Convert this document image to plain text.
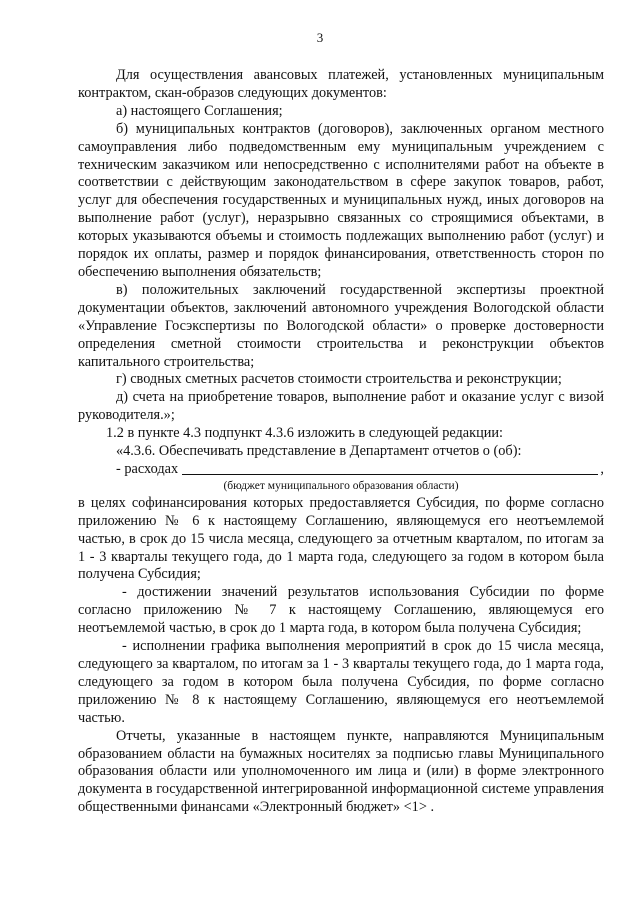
3

Для осуществления авансовых платежей, установленных муниципальным контрактом, скан-образов следующих документов:

а) настоящего Соглашения;

б) муниципальных контрактов (договоров), заключенных органом местного самоуправления либо подведомственным ему муниципальным учреждением с техническим заказчиком или непосредственно с исполнителями работ на объекте в соответствии с действующим законодательством в сфере закупок товаров, работ, услуг для обеспечения государственных и муниципальных нужд, иных договоров на выполнение работ (услуг), неразрывно связанных со строящимися объектами, в которых указываются объемы и стоимость подлежащих выполнению работ (услуг) и порядок их оплаты, размер и порядок финансирования, ответственность сторон по обеспечению выполнения обязательств;

в) положительных заключений государственной экспертизы проектной документации объектов, заключений автономного учреждения Вологодской области «Управление Госэкспертизы по Вологодской области» о проверке достоверности определения сметной стоимости строительства и реконструкции объектов капитального строительства;

г) сводных сметных расчетов стоимости строительства и реконструкции;

д) счета на приобретение товаров, выполнение работ и оказание услуг с визой руководителя.»;

1.2 в пункте 4.3 подпункт 4.3.6 изложить в следующей редакции:

«4.3.6. Обеспечивать представление в Департамент отчетов о (об):

- расходах	,
(бюджет муниципального образования области)

в целях софинансирования которых предоставляется Субсидия, по форме согласно приложению № 6 к настоящему Соглашению, являющемуся его неотъемлемой частью, в срок до 15 числа месяца, следующего за отчетным кварталом, по итогам за 1 - 3 кварталы текущего года, до 1 марта года, следующего за годом в котором была получена Субсидия;

- достижении значений результатов использования Субсидии по форме согласно приложению № 7 к настоящему Соглашению, являющемуся его неотъемлемой частью, в срок до 1 марта года, в котором была получена Субсидия;

- исполнении графика выполнения мероприятий в срок до 15 числа месяца, следующего за кварталом, по итогам за 1 - 3 кварталы текущего года, до 1 марта года, следующего за годом в котором была получена Субсидия, по форме согласно приложению № 8 к настоящему Соглашению, являющемуся его неотъемлемой частью.

Отчеты, указанные в настоящем пункте, направляются Муниципальным образованием области на бумажных носителях за подписью главы Муниципального образования области или уполномоченного им лица и (или) в форме электронного документа в государственной интегрированной информационной системе управления общественными финансами «Электронный бюджет» <1> .
